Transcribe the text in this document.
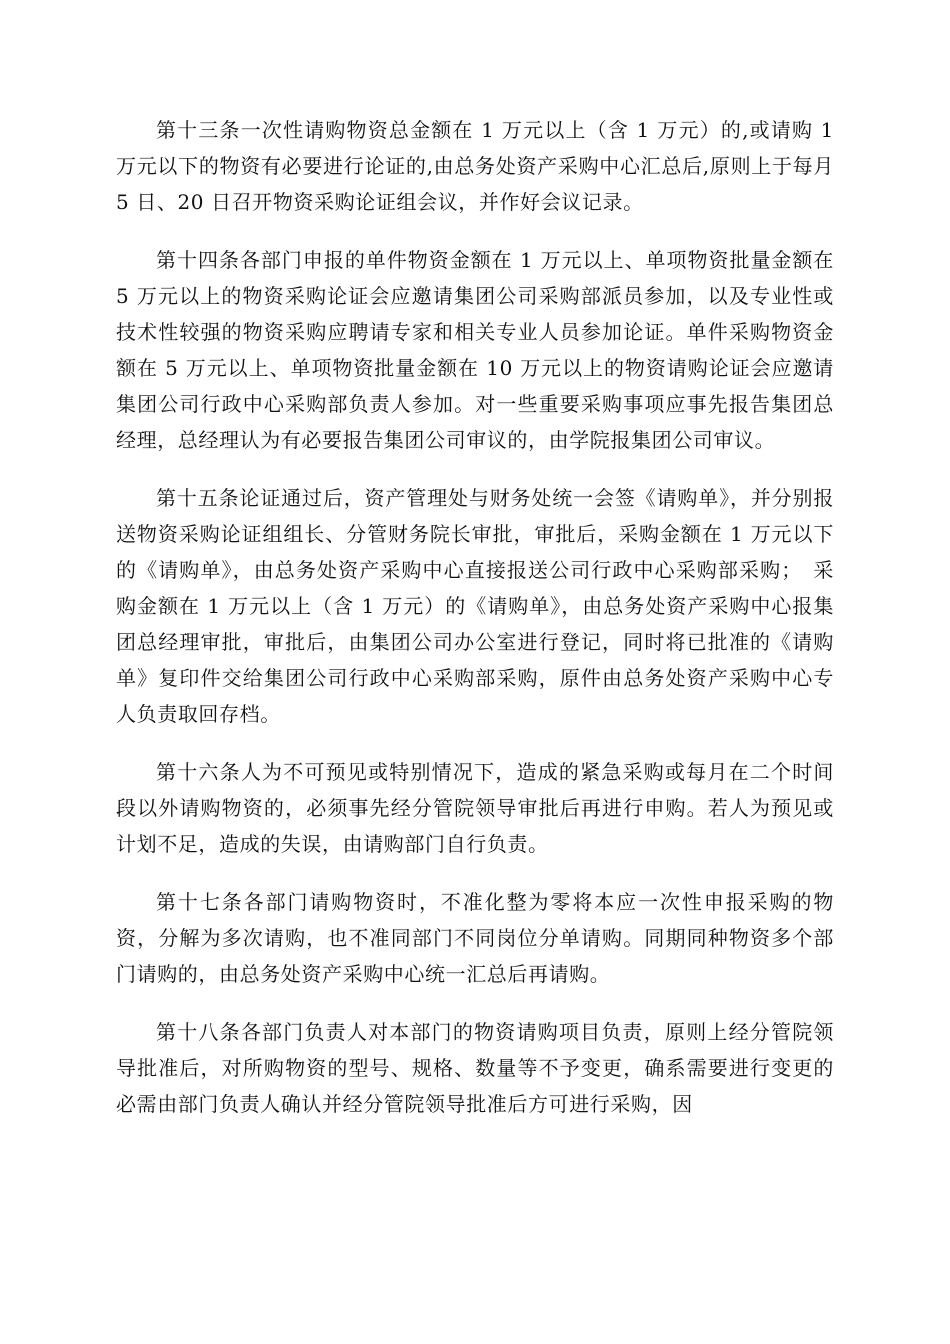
第十三条一次性请购物资总金额在 1 万元以上（含 1 万元）的,或请购 1 万元以下的物资有必要进行论证的,由总务处资产采购中心汇总后,原则上于每月 5 日、20 日召开物资采购论证组会议，并作好会议记录。

第十四条各部门申报的单件物资金额在 1 万元以上、单项物资批量金额在 5 万元以上的物资采购论证会应邀请集团公司采购部派员参加，以及专业性或技术性较强的物资采购应聘请专家和相关专业人员参加论证。单件采购物资金额在 5 万元以上、单项物资批量金额在 10 万元以上的物资请购论证会应邀请集团公司行政中心采购部负责人参加。对一些重要采购事项应事先报告集团总经理，总经理认为有必要报告集团公司审议的，由学院报集团公司审议。

第十五条论证通过后，资产管理处与财务处统一会签《请购单》，并分别报送物资采购论证组组长、分管财务院长审批，审批后，采购金额在 1 万元以下的《请购单》，由总务处资产采购中心直接报送公司行政中心采购部采购；　采购金额在 1 万元以上（含 1 万元）的《请购单》，由总务处资产采购中心报集团总经理审批，审批后，由集团公司办公室进行登记，同时将已批准的《请购单》复印件交给集团公司行政中心采购部采购，原件由总务处资产采购中心专人负责取回存档。

第十六条人为不可预见或特别情况下，造成的紧急采购或每月在二个时间段以外请购物资的，必须事先经分管院领导审批后再进行申购。若人为预见或计划不足，造成的失误，由请购部门自行负责。

第十七条各部门请购物资时，不准化整为零将本应一次性申报采购的物资，分解为多次请购，也不准同部门不同岗位分单请购。同期同种物资多个部门请购的，由总务处资产采购中心统一汇总后再请购。

第十八条各部门负责人对本部门的物资请购项目负责，原则上经分管院领导批准后，对所购物资的型号、规格、数量等不予变更，确系需要进行变更的必需由部门负责人确认并经分管院领导批准后方可进行采购，因
